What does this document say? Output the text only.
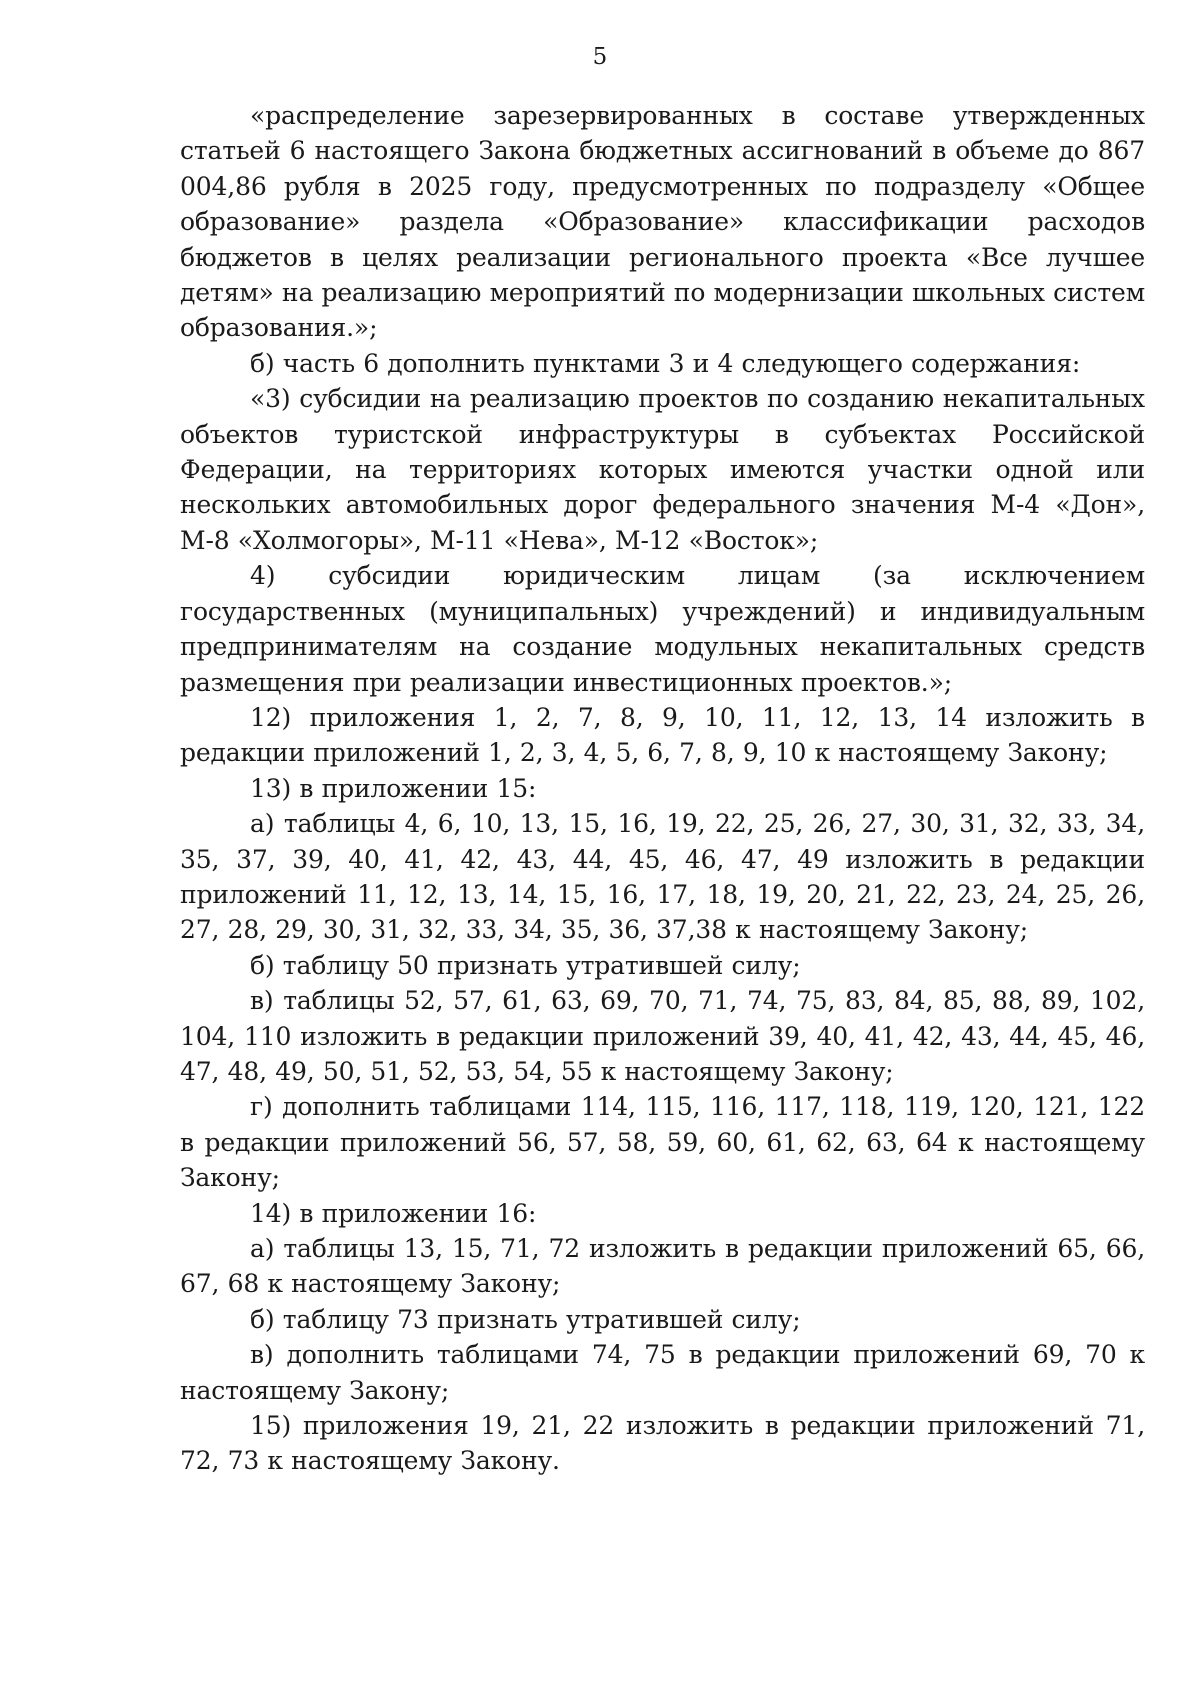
5

«распределение зарезервированных в составе утвержденных статьей 6 настоящего Закона бюджетных ассигнований в объеме до 867 004,86 рубля в 2025 году, предусмотренных по подразделу «Общее образование» раздела «Образование» классификации расходов бюджетов в целях реализации регионального проекта «Все лучшее детям» на реализацию мероприятий по модернизации школьных систем образования.»;

б) часть 6 дополнить пунктами 3 и 4 следующего содержания:

«3) субсидии на реализацию проектов по созданию некапитальных объектов туристской инфраструктуры в субъектах Российской Федерации, на территориях которых имеются участки одной или нескольких автомобильных дорог федерального значения М-4 «Дон», М-8 «Холмогоры», М-11 «Нева», М-12 «Восток»;

4) субсидии юридическим лицам (за исключением государственных (муниципальных) учреждений) и индивидуальным предпринимателям на создание модульных некапитальных средств размещения при реализации инвестиционных проектов.»;

12) приложения 1, 2, 7, 8, 9, 10, 11, 12, 13, 14 изложить в редакции приложений 1, 2, 3, 4, 5, 6, 7, 8, 9, 10 к настоящему Закону;

13) в приложении 15:

а) таблицы 4, 6, 10, 13, 15, 16, 19, 22, 25, 26, 27, 30, 31, 32, 33, 34, 35, 37, 39, 40, 41, 42, 43, 44, 45, 46, 47, 49 изложить в редакции приложений 11, 12, 13, 14, 15, 16, 17, 18, 19, 20, 21, 22, 23, 24, 25, 26, 27, 28, 29, 30, 31, 32, 33, 34, 35, 36, 37,38 к настоящему Закону;

б) таблицу 50 признать утратившей силу;

в) таблицы 52, 57, 61, 63, 69, 70, 71, 74, 75, 83, 84, 85, 88, 89, 102, 104, 110 изложить в редакции приложений 39, 40, 41, 42, 43, 44, 45, 46, 47, 48, 49, 50, 51, 52, 53, 54, 55 к настоящему Закону;

г) дополнить таблицами 114, 115, 116, 117, 118, 119, 120, 121, 122 в редакции приложений 56, 57, 58, 59, 60, 61, 62, 63, 64 к настоящему Закону;

14) в приложении 16:

а) таблицы 13, 15, 71, 72 изложить в редакции приложений 65, 66, 67, 68 к настоящему Закону;

б) таблицу 73 признать утратившей силу;

в) дополнить таблицами 74, 75 в редакции приложений 69, 70 к настоящему Закону;

15) приложения 19, 21, 22 изложить в редакции приложений 71, 72, 73 к настоящему Закону.
